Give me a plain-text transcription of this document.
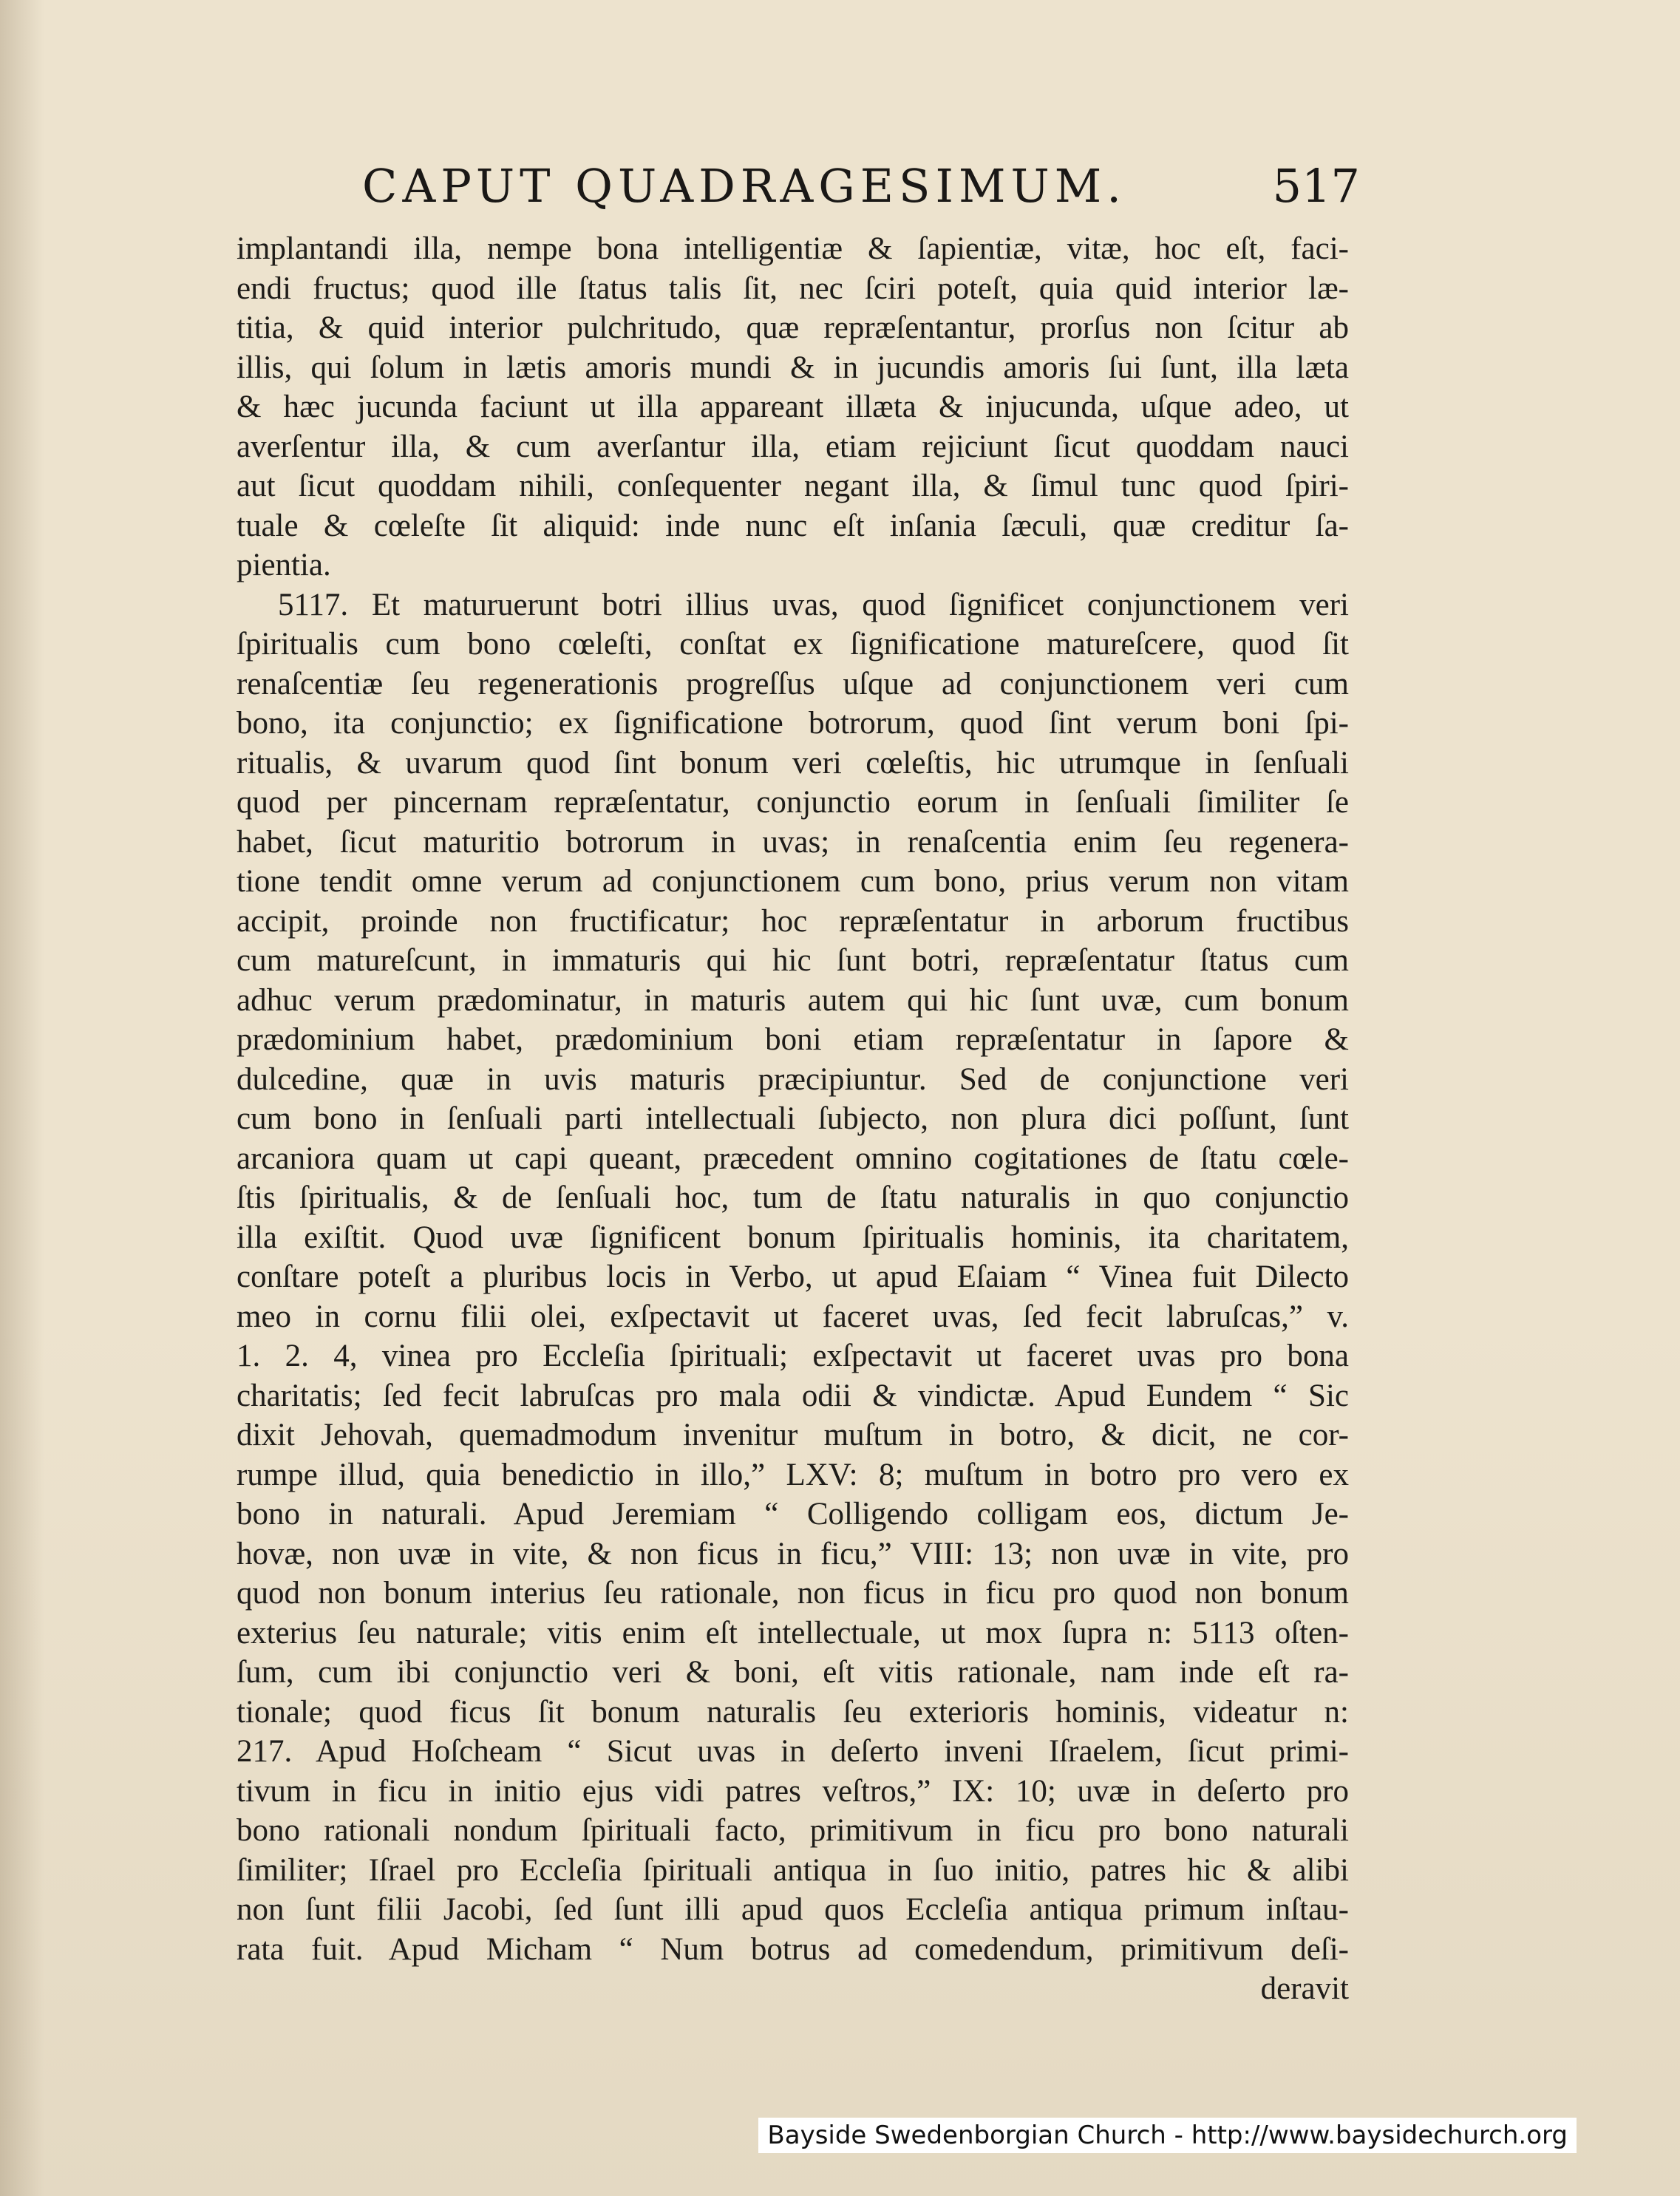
CAPUT QUADRAGESIMUM.	517
implantandi illa, nempe bona intelligentiæ & ſapientiæ, vitæ, hoc eſt, faci-
endi fructus; quod ille ſtatus talis ſit, nec ſciri poteſt, quia quid interior læ-
titia, & quid interior pulchritudo, quæ repræſentantur, prorſus non ſcitur ab
illis, qui ſolum in lætis amoris mundi & in jucundis amoris ſui ſunt, illa læta
& hæc jucunda faciunt ut illa appareant illæta & injucunda, uſque adeo, ut
averſentur illa, & cum averſantur illa, etiam rejiciunt ſicut quoddam nauci
aut ſicut quoddam nihili, conſequenter negant illa, & ſimul tunc quod ſpiri-
tuale & cœleſte ſit aliquid: inde nunc eſt inſania ſæculi, quæ creditur ſa-
pientia.
5117. Et maturuerunt botri illius uvas, quod ſignificet conjunctionem veri
ſpiritualis cum bono cœleſti, conſtat ex ſignificatione matureſcere, quod ſit
renaſcentiæ ſeu regenerationis progreſſus uſque ad conjunctionem veri cum
bono, ita conjunctio; ex ſignificatione botrorum, quod ſint verum boni ſpi-
ritualis, & uvarum quod ſint bonum veri cœleſtis, hic utrumque in ſenſuali
quod per pincernam repræſentatur, conjunctio eorum in ſenſuali ſimiliter ſe
habet, ſicut maturitio botrorum in uvas; in renaſcentia enim ſeu regenera-
tione tendit omne verum ad conjunctionem cum bono, prius verum non vitam
accipit, proinde non fructificatur; hoc repræſentatur in arborum fructibus
cum matureſcunt, in immaturis qui hic ſunt botri, repræſentatur ſtatus cum
adhuc verum prædominatur, in maturis autem qui hic ſunt uvæ, cum bonum
prædominium habet, prædominium boni etiam repræſentatur in ſapore &
dulcedine, quæ in uvis maturis præcipiuntur. Sed de conjunctione veri
cum bono in ſenſuali parti intellectuali ſubjecto, non plura dici poſſunt, ſunt
arcaniora quam ut capi queant, præcedent omnino cogitationes de ſtatu cœle-
ſtis ſpiritualis, & de ſenſuali hoc, tum de ſtatu naturalis in quo conjunctio
illa exiſtit. Quod uvæ ſignificent bonum ſpiritualis hominis, ita charitatem,
conſtare poteſt a pluribus locis in Verbo, ut apud Eſaiam “ Vinea fuit Dilecto
meo in cornu filii olei, exſpectavit ut faceret uvas, ſed fecit labruſcas,” v.
1. 2. 4, vinea pro Eccleſia ſpirituali; exſpectavit ut faceret uvas pro bona
charitatis; ſed fecit labruſcas pro mala odii & vindictæ. Apud Eundem “ Sic
dixit Jehovah, quemadmodum invenitur muſtum in botro, & dicit, ne cor-
rumpe illud, quia benedictio in illo,” LXV: 8; muſtum in botro pro vero ex
bono in naturali. Apud Jeremiam “ Colligendo colligam eos, dictum Je-
hovæ, non uvæ in vite, & non ficus in ficu,” VIII: 13; non uvæ in vite, pro
quod non bonum interius ſeu rationale, non ficus in ficu pro quod non bonum
exterius ſeu naturale; vitis enim eſt intellectuale, ut mox ſupra n: 5113 oſten-
ſum, cum ibi conjunctio veri & boni, eſt vitis rationale, nam inde eſt ra-
tionale; quod ficus ſit bonum naturalis ſeu exterioris hominis, videatur n:
217. Apud Hoſcheam “ Sicut uvas in deſerto inveni Iſraelem, ſicut primi-
tivum in ficu in initio ejus vidi patres veſtros,” IX: 10; uvæ in deſerto pro
bono rationali nondum ſpirituali facto, primitivum in ficu pro bono naturali
ſimiliter; Iſrael pro Eccleſia ſpirituali antiqua in ſuo initio, patres hic & alibi
non ſunt filii Jacobi, ſed ſunt illi apud quos Eccleſia antiqua primum inſtau-
rata fuit. Apud Micham “ Num botrus ad comedendum, primitivum deſi-
deravit
Bayside Swedenborgian Church - http://www.baysidechurch.org
